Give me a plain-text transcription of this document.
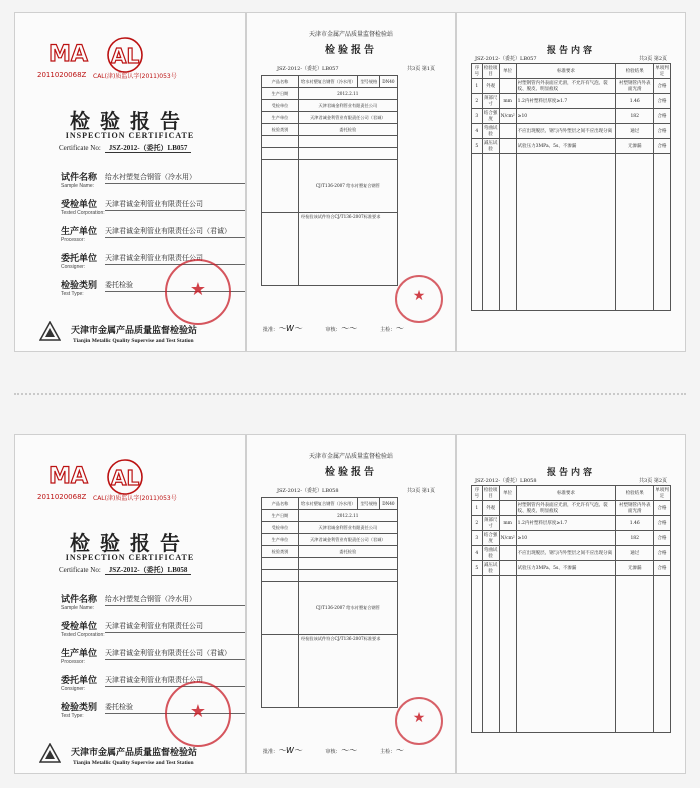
MA AL
2011020068Z CAL(津)质监认字(2011)053号
检验报告
INSPECTION CERTIFICATE
Certificate No: JSZ-2012-（委托）LB057
试件名称
Sample Name:
给水衬塑复合钢管（冷水用）
受检单位
Tested Corporation:
天津君诚金利管业有限责任公司
生产单位
Processor:
天津君诚金利管业有限责任公司（君诚）
委托单位
Consigner:
天津君诚金利管业有限责任公司
检验类别
Test Type:
委托检验	★
天津市金属产品质量监督检验站
Tianjin Metallic Quality Supervise and Test Station
天津市金属产品质量监督检验站
检验报告
JSZ-2012-（委托）LB057	共3页 第1页
产品名称	给水衬塑复合钢管（冷水用）	型号规格	DN40
生产日期	2012.2.11		
受检单位	天津君诚金利管业有限责任公司		
生产单位	天津君诚金利管业有限责任公司（君诚）		
检验类别	委托检验		

	CJ/T136-2007 给水衬塑复合钢管		
	经检验该试件符合CJ/T136-2007标准要求		
★
批准：〜W〜	审核：〜〜	主检：〜
报告内容
JSZ-2012-（委托）LB057	共3页 第2页
序号	检验项目	单位	标准要求	检验结果	单项判定
1	外观		衬塑钢管内外表面应光滑，不允许有气泡、裂纹、脱皮、明显痕纹	衬塑钢管内外表面光滑	合格
2	颈部尺寸	mm	1.2内衬塑料层厚度≥1.7	1.46	合格
3	结合强度	N/cm²	≥10	182	合格
4	弯曲试验		不应出现脱层、钢与内外塑层之间不应出现分离	通过	合格
5	减压试验		试验压力3MPa、5s、不渗漏	无渗漏	合格

MA AL
2011020068Z CAL(津)质监认字(2011)053号
检验报告
INSPECTION CERTIFICATE
Certificate No: JSZ-2012-（委托）LB058
试件名称
Sample Name:
给水衬塑复合钢管（冷水用）
受检单位
Tested Corporation:
天津君诚金利管业有限责任公司
生产单位
Processor:
天津君诚金利管业有限责任公司（君诚）
委托单位
Consigner:
天津君诚金利管业有限责任公司
检验类别
Test Type:
委托检验	★
天津市金属产品质量监督检验站
Tianjin Metallic Quality Supervise and Test Station
天津市金属产品质量监督检验站
检验报告
JSZ-2012-（委托）LB058	共3页 第1页
产品名称	给水衬塑复合钢管（冷水用）	型号规格	DN40
生产日期	2012.2.11		
受检单位	天津君诚金利管业有限责任公司		
生产单位	天津君诚金利管业有限责任公司（君诚）		
检验类别	委托检验		

	CJ/T136-2007 给水衬塑复合钢管		
	经检验该试件符合CJ/T136-2007标准要求		
★
批准：〜W〜	审核：〜〜	主检：〜
报告内容
JSZ-2012-（委托）LB058	共3页 第2页
序号	检验项目	单位	标准要求	检验结果	单项判定
1	外观		衬塑钢管内外表面应光滑，不允许有气泡、裂纹、脱皮、明显痕纹	衬塑钢管内外表面光滑	合格
2	颈部尺寸	mm	1.2内衬塑料层厚度≥1.7	1.46	合格
3	结合强度	N/cm²	≥10	182	合格
4	弯曲试验		不应出现脱层、钢与内外塑层之间不应出现分离	通过	合格
5	减压试验		试验压力3MPa、5s、不渗漏	无渗漏	合格
